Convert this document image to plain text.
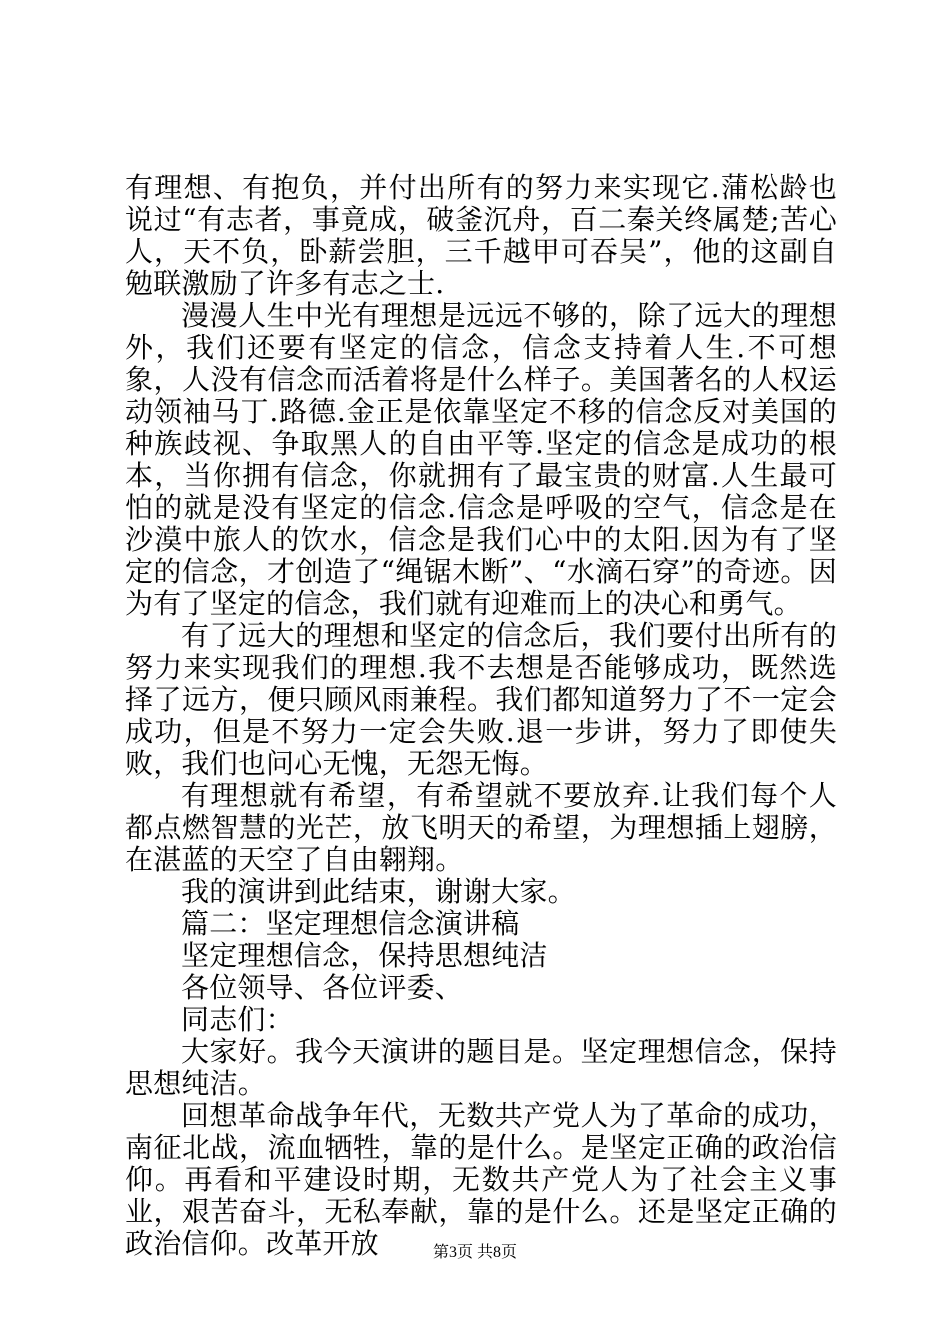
有理想、有抱负，并付出所有的努力来实现它.蒲松龄也说过“有志者，事竟成，破釜沉舟，百二秦关终属楚;苦心人，天不负，卧薪尝胆，三千越甲可吞吴”，他的这副自勉联激励了许多有志之士.

漫漫人生中光有理想是远远不够的，除了远大的理想外，我们还要有坚定的信念，信念支持着人生.不可想象，人没有信念而活着将是什么样子。美国著名的人权运动领袖马丁.路德.金正是依靠坚定不移的信念反对美国的种族歧视、争取黑人的自由平等.坚定的信念是成功的根本，当你拥有信念，你就拥有了最宝贵的财富.人生最可怕的就是没有坚定的信念.信念是呼吸的空气，信念是在沙漠中旅人的饮水，信念是我们心中的太阳.因为有了坚定的信念，才创造了“绳锯木断”、“水滴石穿”的奇迹。因为有了坚定的信念，我们就有迎难而上的决心和勇气。

有了远大的理想和坚定的信念后，我们要付出所有的努力来实现我们的理想.我不去想是否能够成功，既然选择了远方，便只顾风雨兼程。我们都知道努力了不一定会成功，但是不努力一定会失败.退一步讲，努力了即使失败，我们也问心无愧，无怨无悔。

有理想就有希望，有希望就不要放弃.让我们每个人都点燃智慧的光芒，放飞明天的希望，为理想插上翅膀，在湛蓝的天空了自由翱翔。

我的演讲到此结束，谢谢大家。

篇二：坚定理想信念演讲稿

坚定理想信念，保持思想纯洁

各位领导、各位评委、

同志们：

大家好。我今天演讲的题目是。坚定理想信念，保持思想纯洁。

回想革命战争年代，无数共产党人为了革命的成功，南征北战，流血牺牲，靠的是什么。是坚定正确的政治信仰。再看和平建设时期，无数共产党人为了社会主义事业，艰苦奋斗，无私奉献，靠的是什么。还是坚定正确的政治信仰。改革开放	第3页 共8页
